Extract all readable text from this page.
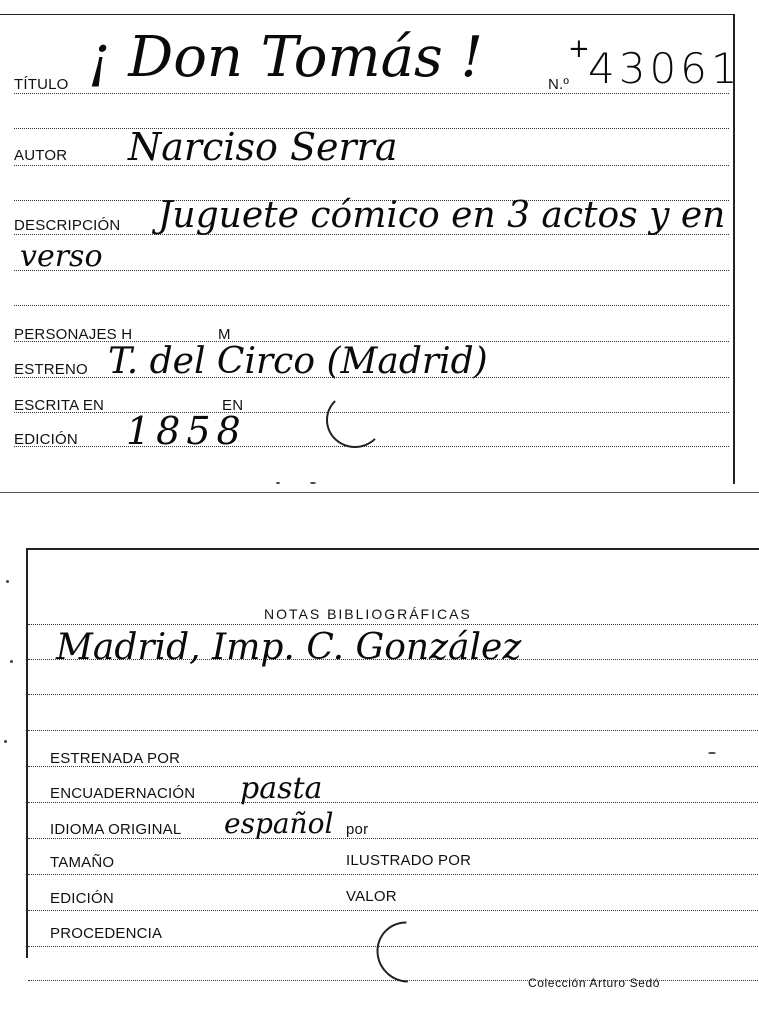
TÍTULO ¡ Don Tomás !	N.º 43061
+
AUTOR Narciso Serra
DESCRIPCIÓN Juguete cómico en 3 actos y en
verso
PERSONAJES H	M
ESTRENO T. del Circo (Madrid)
ESCRITA EN	EN
EDICIÓN 1858
NOTAS BIBLIOGRÁFICAS
Madrid, Imp. C. González
ESTRENADA POR
ENCUADERNACIÓN pasta
IDIOMA ORIGINAL español por
TAMAÑO	ILUSTRADO POR
EDICIÓN	VALOR
PROCEDENCIA
Colección Arturo Sedó
